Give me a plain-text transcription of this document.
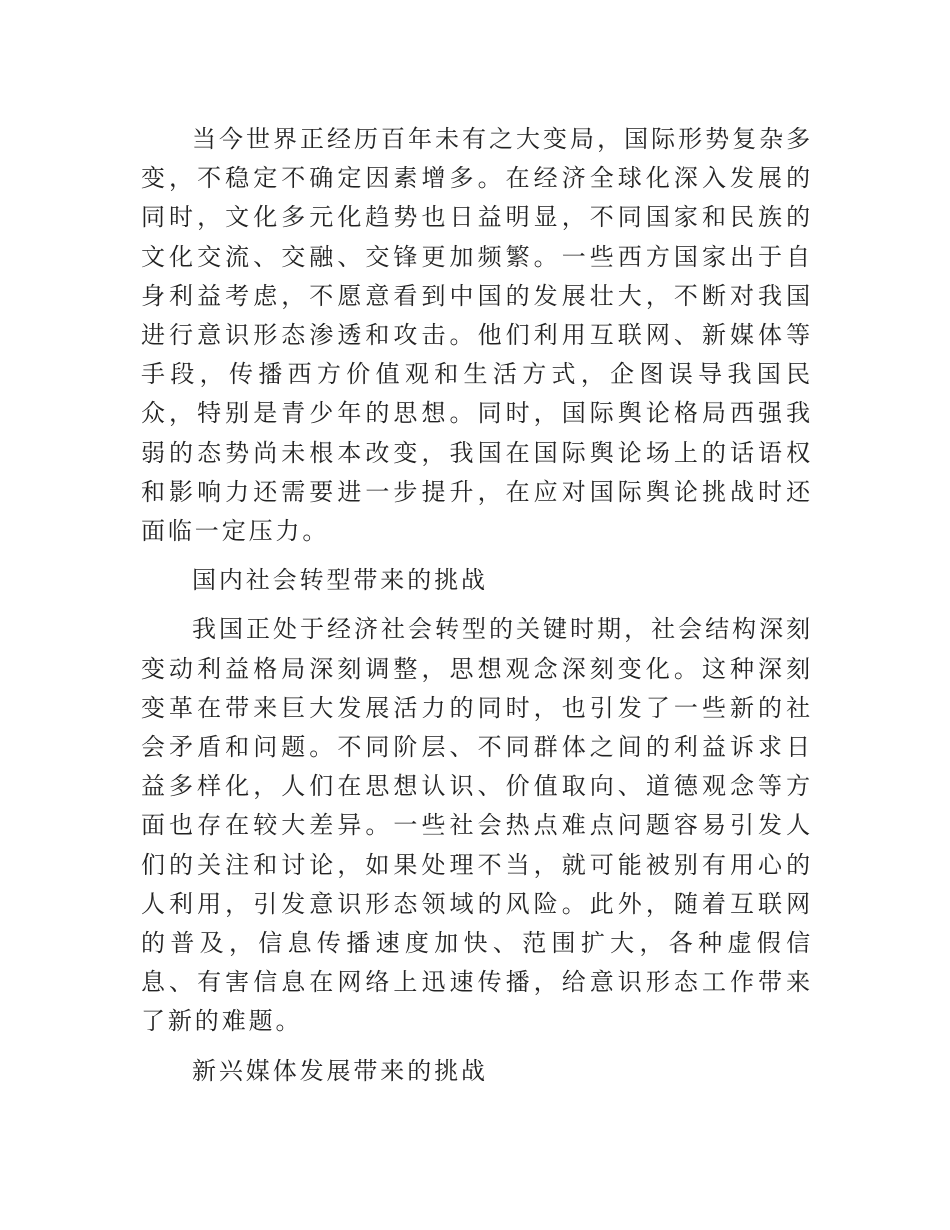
当今世界正经历百年未有之大变局，国际形势复杂多变，不稳定不确定因素增多。在经济全球化深入发展的同时，文化多元化趋势也日益明显，不同国家和民族的文化交流、交融、交锋更加频繁。一些西方国家出于自身利益考虑，不愿意看到中国的发展壮大，不断对我国进行意识形态渗透和攻击。他们利用互联网、新媒体等手段，传播西方价值观和生活方式，企图误导我国民众，特别是青少年的思想。同时，国际舆论格局西强我弱的态势尚未根本改变，我国在国际舆论场上的话语权和影响力还需要进一步提升，在应对国际舆论挑战时还面临一定压力。

国内社会转型带来的挑战

我国正处于经济社会转型的关键时期，社会结构深刻变动利益格局深刻调整，思想观念深刻变化。这种深刻变革在带来巨大发展活力的同时，也引发了一些新的社会矛盾和问题。不同阶层、不同群体之间的利益诉求日益多样化，人们在思想认识、价值取向、道德观念等方面也存在较大差异。一些社会热点难点问题容易引发人们的关注和讨论，如果处理不当，就可能被别有用心的人利用，引发意识形态领域的风险。此外，随着互联网的普及，信息传播速度加快、范围扩大，各种虚假信息、有害信息在网络上迅速传播，给意识形态工作带来了新的难题。

新兴媒体发展带来的挑战
